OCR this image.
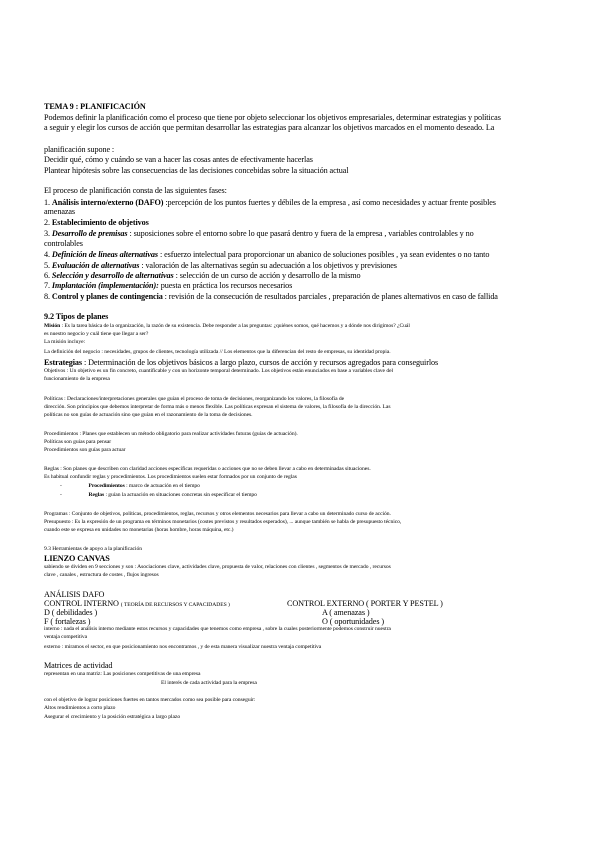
TEMA 9 : PLANIFICACIÓN
Podemos definir la planificación como el proceso que tiene por objeto seleccionar los objetivos empresariales, determinar estrategias y políticas
a seguir y elegir los cursos de acción que permitan desarrollar las estrategias para alcanzar los objetivos marcados en el momento deseado. La
planificación supone :
Decidir qué, cómo y cuándo se van a hacer las cosas antes de efectivamente hacerlas
Plantear hipótesis sobre las consecuencias de las decisiones concebidas sobre la situación actual
El proceso de planificación consta de las siguientes fases:
1. Análisis interno/externo (DAFO) :percepción de los puntos fuertes y débiles de la empresa , así como necesidades y actuar frente posibles
amenazas
2. Establecimiento de objetivos
3. Desarrollo de premisas : suposiciones sobre el entorno sobre lo que pasará dentro y fuera de la empresa , variables controlables y no
controlables
4. Definición de líneas alternativas : esfuerzo intelectual para proporcionar un abanico de soluciones posibles , ya sean evidentes o no tanto
5. Evaluación de alternativas : valoración de las alternativas según su adecuación a los objetivos y previsiones
6. Selección y desarrollo de alternativas : selección de un curso de acción y desarrollo de la mismo
7. Implantación (implementación): puesta en práctica los recursos necesarios
8. Control y planes de contingencia : revisión de la consecución de resultados parciales , preparación de planes alternativos en caso de fallida
9.2 Tipos de planes
Misión : Es la tarea básica de la organización, la razón de su existencia. Debe responder a las preguntas: ¿quiénes somos, qué hacemos y a dónde nos dirigimos? ¿Cuál
es nuestro negocio y cuál tiene que llegar a ser?
La misión incluye:
La definición del negocio : necesidades, grupos de clientes, tecnología utilizada // Los elementos que la diferencian del resto de empresas, su identidad propia.
Estrategias : Determinación de los objetivos básicos a largo plazo, cursos de acción y recursos agregados para conseguirlos
Objetivos : Un objetivo es un fin concreto, cuantificable y con un horizonte temporal determinado. Los objetivos están enunciados en base a variables clave del
funcionamiento de la empresa
Políticas : Declaraciones/interpretaciones generales que guían el proceso de toma de decisiones, reorganizando los valores, la filosofía de
dirección. Son principios que debemos interpretar de forma más o menos flexible. Las políticas expresan el sistema de valores, la filosofía de la dirección. Las
políticas no son guías de actuación sino que guían en el razonamiento de la toma de decisiones.
Procedimientos : Planes que establecen un método obligatorio para realizar actividades futuras (guías de actuación).
Políticas son guías para pensar
Procedimientos son guías para actuar
Reglas : Son planes que describen con claridad acciones específicas requeridas o acciones que no se deben llevar a cabo en determinadas situaciones.
Es habitual confundir reglas y procedimientos. Los procedimientos suelen estar formados por un conjunto de reglas
-	Procedimientos : marco de actuación en el tiempo
-	Reglas : guían la actuación en situaciones concretas sin especificar el tiempo
Programas : Conjunto de objetivos, políticas, procedimientos, reglas, recursos y otros elementos necesarios para llevar a cabo un determinado curso de acción.
Presupuesto : Es la expresión de un programa en términos monetarios (costes previstos y resultados esperados), ... aunque también se habla de presupuesto técnico,
cuando este se expresa en unidades no monetarias (horas hombre, horas máquina, etc.)
9.3 Herramientas de apoyo a la planificación
LIENZO CANVAS
sabiendo se dividen en 9 secciones y son : Asociaciones clave, actividades clave, propuesta de valor, relaciones con clientes , segmentos de mercado , recursos
clave , canales , estructura de costes , flujos ingresos
ANÁLISIS DAFO
CONTROL INTERNO ( TEORÍA DE RECURSOS Y CAPACIDADES )	CONTROL EXTERNO ( PORTER Y PESTEL )
D ( debilidades )	A ( amenazas )
F ( fortalezas )	O ( oportunidades )
interno : nada el análisis interno mediante estos recursos y capacidades que tenemos como empresa , sobre la cuales posteriormente podemos construir nuestra
ventaja competitiva
externo : miramos el sector, en que posicionamiento nos encontramos , y de esta manera visualizar nuestra ventaja competitiva
Matrices de actividad
representan en una matriz: Las posiciones competitivas de una empresa
El interés de cada actividad para la empresa
con el objetivo de lograr posiciones fuertes en tantos mercados como sea posible para conseguir:
Altos rendimientos a corto plazo
Asegurar el crecimiento y la posición estratégica a largo plazo
